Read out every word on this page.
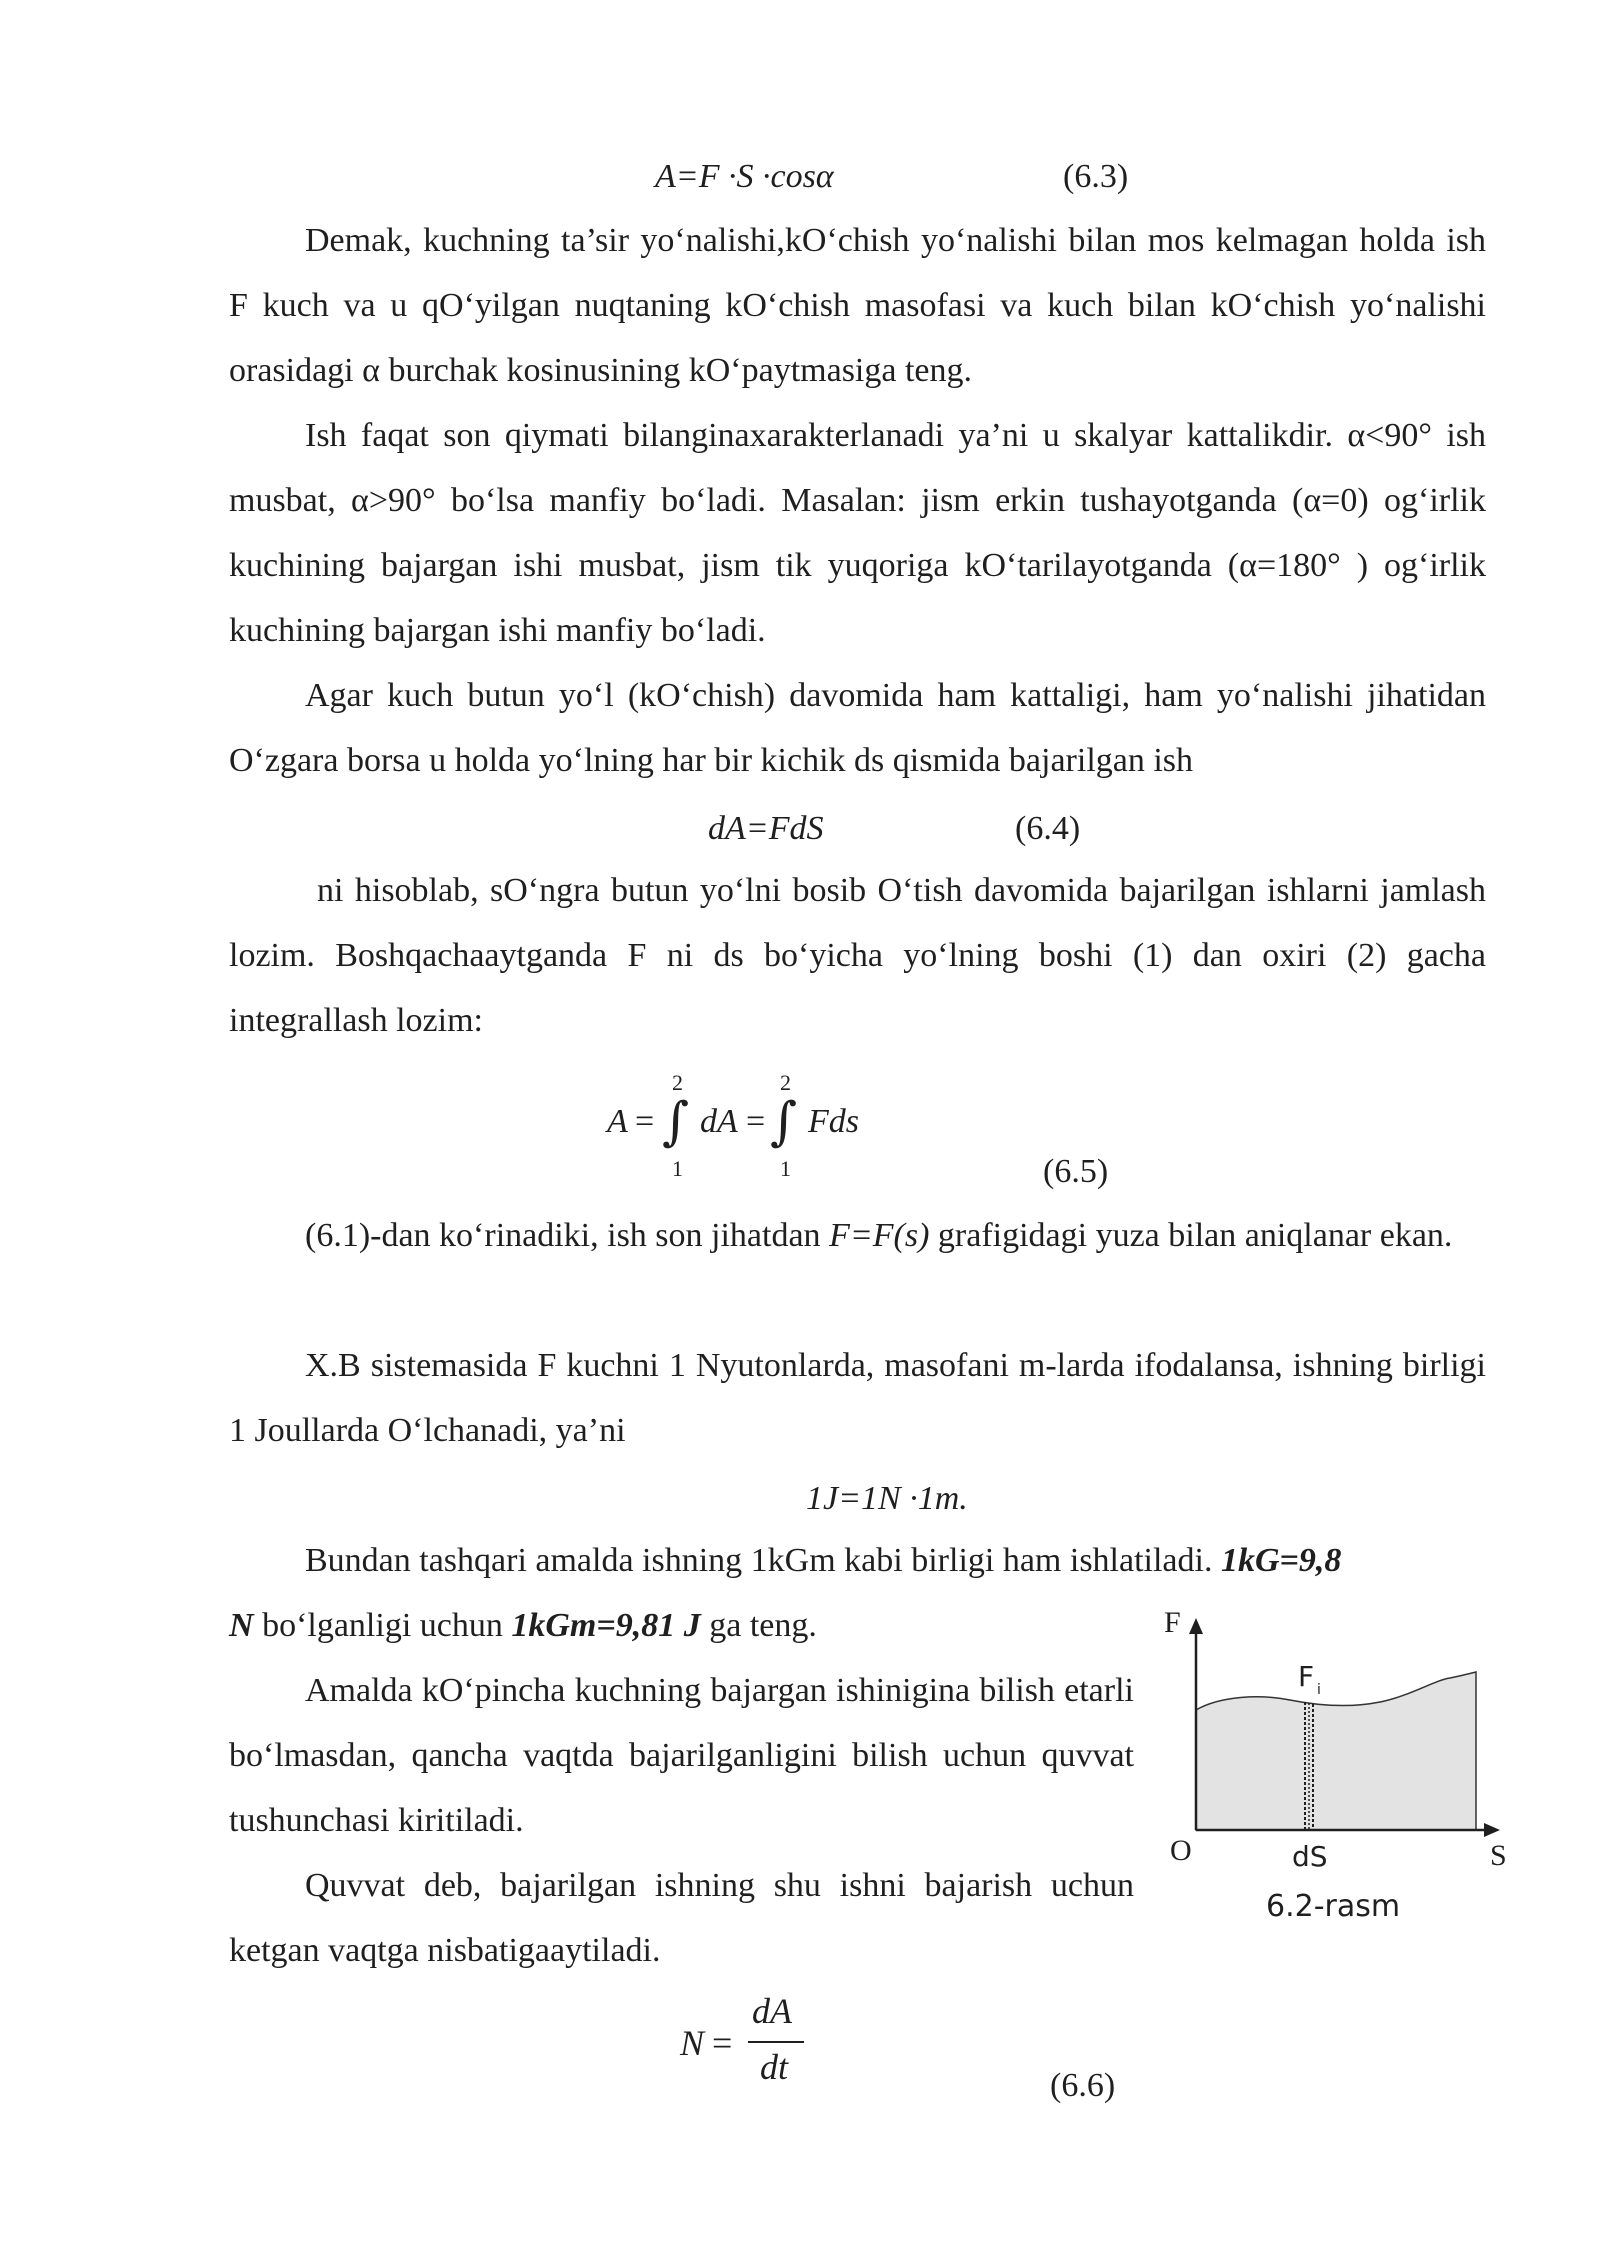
A=F ·S ·cosα	(6.3)

Demak, kuchning ta’sir yo‘nalishi,kO‘chish yo‘nalishi bilan mos kelmagan holda ish F kuch va u qO‘yilgan nuqtaning kO‘chish masofasi va kuch bilan kO‘chish yo‘nalishi orasidagi α burchak kosinusining kO‘paytmasiga teng.

Ish faqat son qiymati bilanginaxarakterlanadi ya’ni u skalyar kattalikdir. α<90° ish musbat, α>90° bo‘lsa manfiy bo‘ladi. Masalan: jism erkin tushayotganda (α=0) og‘irlik kuchining bajargan ishi musbat, jism tik yuqoriga kO‘tarilayotganda (α=180° ) og‘irlik kuchining bajargan ishi manfiy bo‘ladi.

Agar kuch butun yo‘l (kO‘chish) davomida ham kattaligi, ham yo‘nalishi jihatidan O‘zgara borsa u holda yo‘lning har bir kichik ds qismida bajarilgan ish

dA=FdS	(6.4)

ni hisoblab, sO‘ngra butun yo‘lni bosib O‘tish davomida bajarilgan ishlarni jamlash lozim. Boshqachaaytganda F ni ds bo‘yicha yo‘lning boshi (1) dan oxiri (2) gacha integrallash lozim:

A =
2
∫
1
dA =
2
∫
1
Fds
(6.5)

(6.1)-dan ko‘rinadiki, ish son jihatdan F=F(s) grafigidagi yuza bilan aniqlanar ekan.

X.B sistemasida F kuchni 1 Nyutonlarda, masofani m-larda ifodalansa, ishning birligi 1 Joullarda O‘lchanadi, ya’ni

1J=1N ·1m.

Bundan tashqari amalda ishning 1kGm kabi birligi ham ishlatiladi. 1kG=9,8

N bo‘lganligi uchun 1kGm=9,81 J ga teng.

Amalda kO‘pincha kuchning bajargan ishinigina bilish etarli bo‘lmasdan, qancha vaqtda bajarilganligini bilish uchun quvvat tushunchasi kiritiladi.

Quvvat deb, bajarilgan ishning shu ishni bajarish uchun ketgan vaqtga nisbatigaaytiladi.

N =
dA
dt	(6.6)
F
S
O	dS
F i
6.2-rasm
